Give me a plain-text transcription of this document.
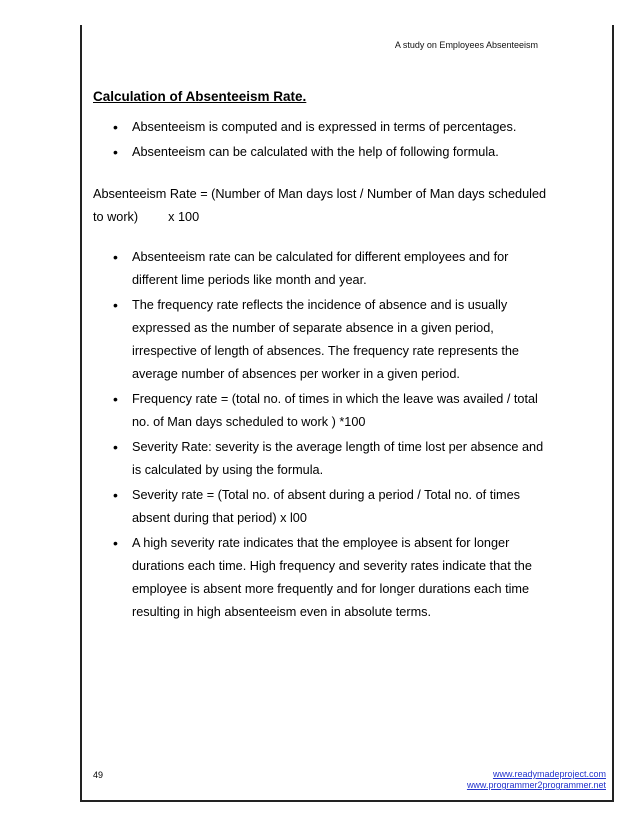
A study on Employees Absenteeism
Calculation of Absenteeism Rate.
• Absenteeism is computed and is expressed in terms of percentages.
• Absenteeism can be calculated with the help of following formula.
Absenteeism Rate = (Number of Man days lost / Number of Man days scheduled
to work) x 100
• Absenteeism rate can be calculated for different employees and for different lime periods like month and year.
• The frequency rate reflects the incidence of absence and is usually expressed as the number of separate absence in a given period, irrespective of length of absences. The frequency rate represents the average number of absences per worker in a given period.
• Frequency rate = (total no. of times in which the leave was availed / total no. of Man days scheduled to work ) *100
• Severity Rate: severity is the average length of time lost per absence and is calculated by using the formula.
• Severity rate = (Total no. of absent during a period / Total no. of times absent during that period) x l00
• A high severity rate indicates that the employee is absent for longer durations each time. High frequency and severity rates indicate that the employee is absent more frequently and for longer durations each time resulting in high absenteeism even in absolute terms.
49	www.readymadeproject.com
www.programmer2programmer.net
